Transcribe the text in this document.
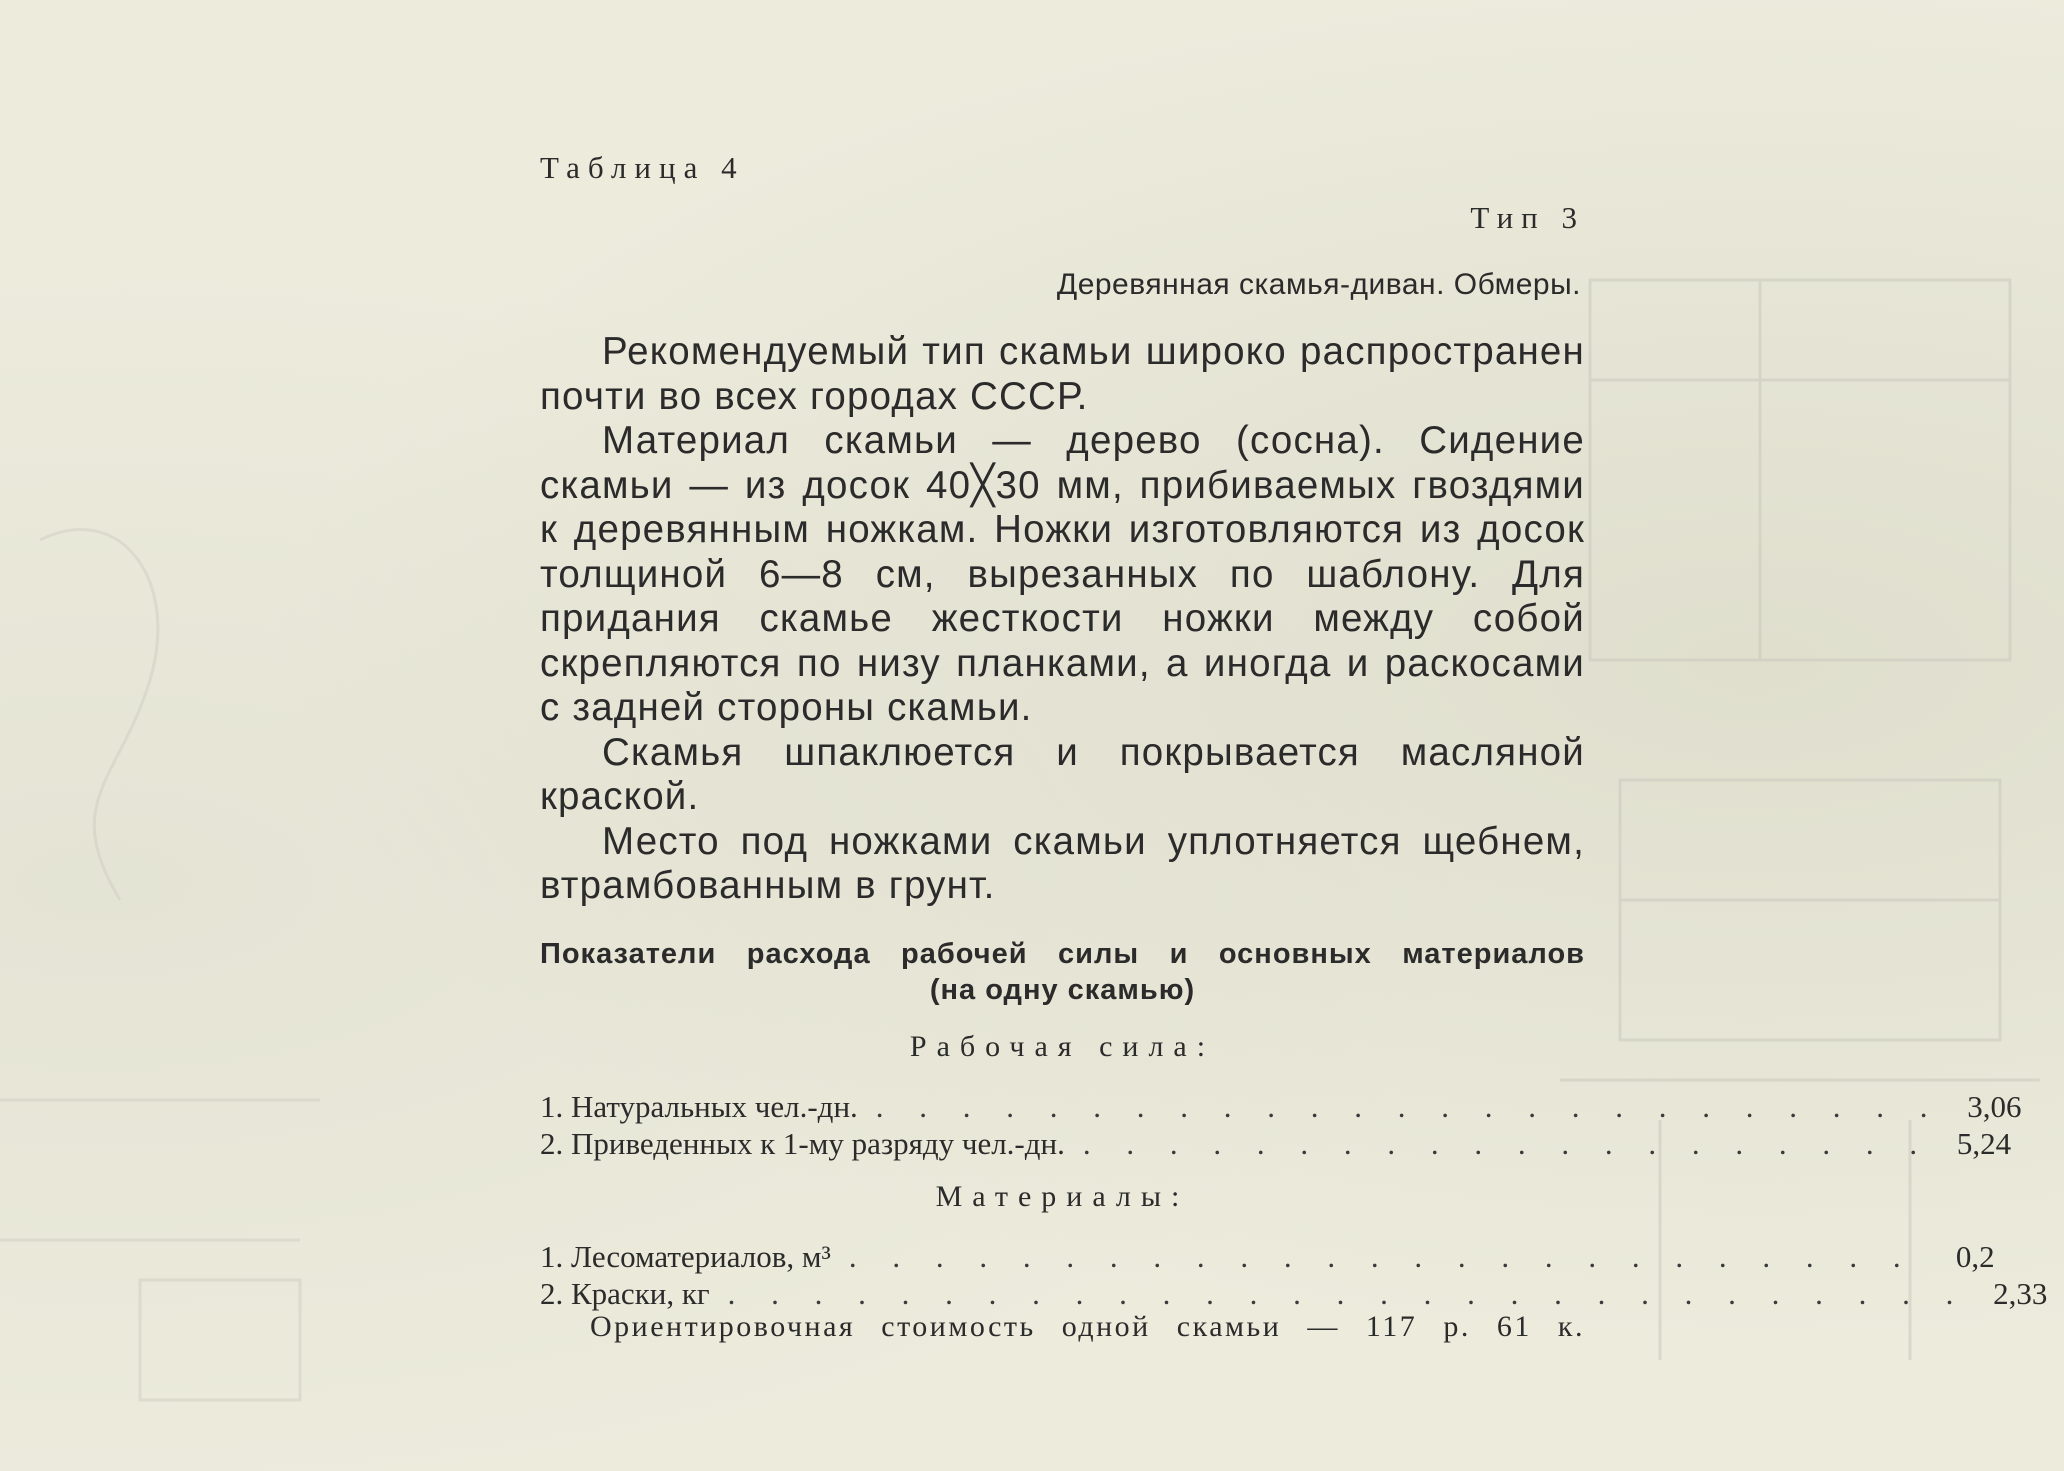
Таблица 4
Тип 3
Деревянная скамья-диван. Обмеры.

Рекомендуемый тип скамьи широко распространен почти во всех городах СССР.

Материал скамьи — дерево (сосна). Сидение скамьи — из досок 40╳30 мм, прибиваемых гвоздями к деревянным ножкам. Ножки изготовляются из досок толщиной 6—8 см, вырезанных по шаблону. Для придания скамье жесткости ножки между собой скрепляются по низу планками, а иногда и раскосами с задней стороны скамьи.

Скамья шпаклюется и покрывается масляной краской.

Место под ножками скамьи уплотняется щебнем, втрамбованным в грунт.

Показатели расхода рабочей силы и основных материалов
(на одну скамью)
Рабочая сила:
1. Натуральных чел.-дн. . . . . . . . . . . . . . . . . . . . . . . . . . 3,06
2. Приведенных к 1-му разряду чел.-дн. . . . . . . . . . . . . . . . . . . . . 5,24
Материалы:
1. Лесоматериалов, м³ . . . . . . . . . . . . . . . . . . . . . . . . .	0,2
2. Краски, кг . . . . . . . . . . . . . . . . . . . . . . . . . . . . . 2,33
Ориентировочная стоимость одной скамьи — 117 р. 61 к.
